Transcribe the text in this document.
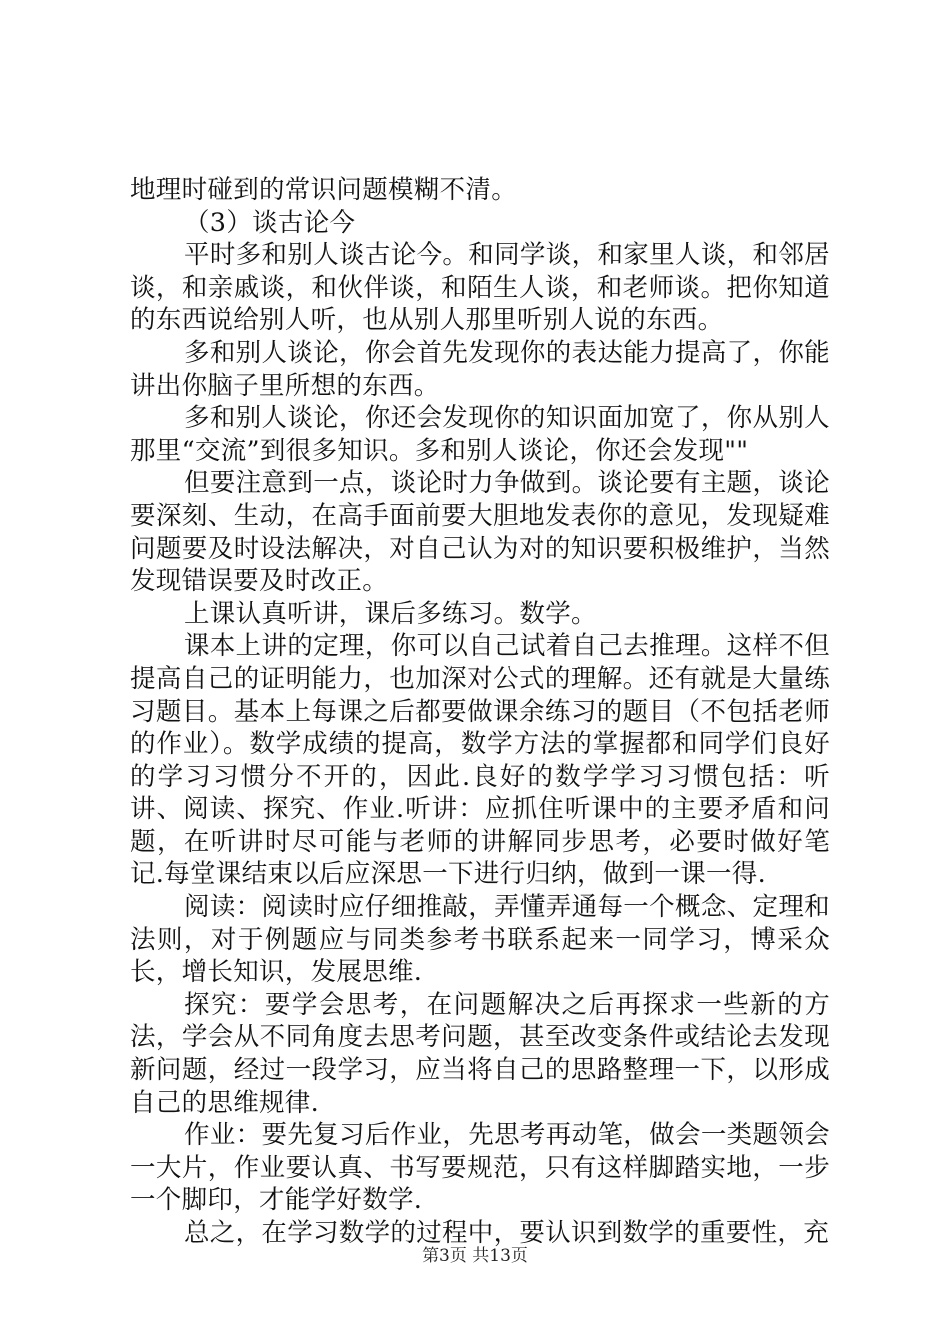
地理时碰到的常识问题模糊不清。

（3）谈古论今

平时多和别人谈古论今。和同学谈，和家里人谈，和邻居谈，和亲戚谈，和伙伴谈，和陌生人谈，和老师谈。把你知道的东西说给别人听，也从别人那里听别人说的东西。

多和别人谈论，你会首先发现你的表达能力提高了，你能讲出你脑子里所想的东西。

多和别人谈论，你还会发现你的知识面加宽了，你从别人那里“交流”到很多知识。多和别人谈论，你还会发现""

但要注意到一点，谈论时力争做到。谈论要有主题，谈论要深刻、生动，在高手面前要大胆地发表你的意见，发现疑难问题要及时设法解决，对自己认为对的知识要积极维护，当然发现错误要及时改正。

上课认真听讲，课后多练习。数学。

课本上讲的定理，你可以自己试着自己去推理。这样不但提高自己的证明能力，也加深对公式的理解。还有就是大量练习题目。基本上每课之后都要做课余练习的题目（不包括老师的作业）。数学成绩的提高，数学方法的掌握都和同学们良好的学习习惯分不开的，因此.良好的数学学习习惯包括：听讲、阅读、探究、作业.听讲：应抓住听课中的主要矛盾和问题，在听讲时尽可能与老师的讲解同步思考，必要时做好笔记.每堂课结束以后应深思一下进行归纳，做到一课一得.

阅读：阅读时应仔细推敲，弄懂弄通每一个概念、定理和法则，对于例题应与同类参考书联系起来一同学习，博采众长，增长知识，发展思维.

探究：要学会思考，在问题解决之后再探求一些新的方法，学会从不同角度去思考问题，甚至改变条件或结论去发现新问题，经过一段学习，应当将自己的思路整理一下，以形成自己的思维规律.

作业：要先复习后作业，先思考再动笔，做会一类题领会一大片，作业要认真、书写要规范，只有这样脚踏实地，一步一个脚印，才能学好数学.

总之，在学习数学的过程中，要认识到数学的重要性，充

第3页 共13页
